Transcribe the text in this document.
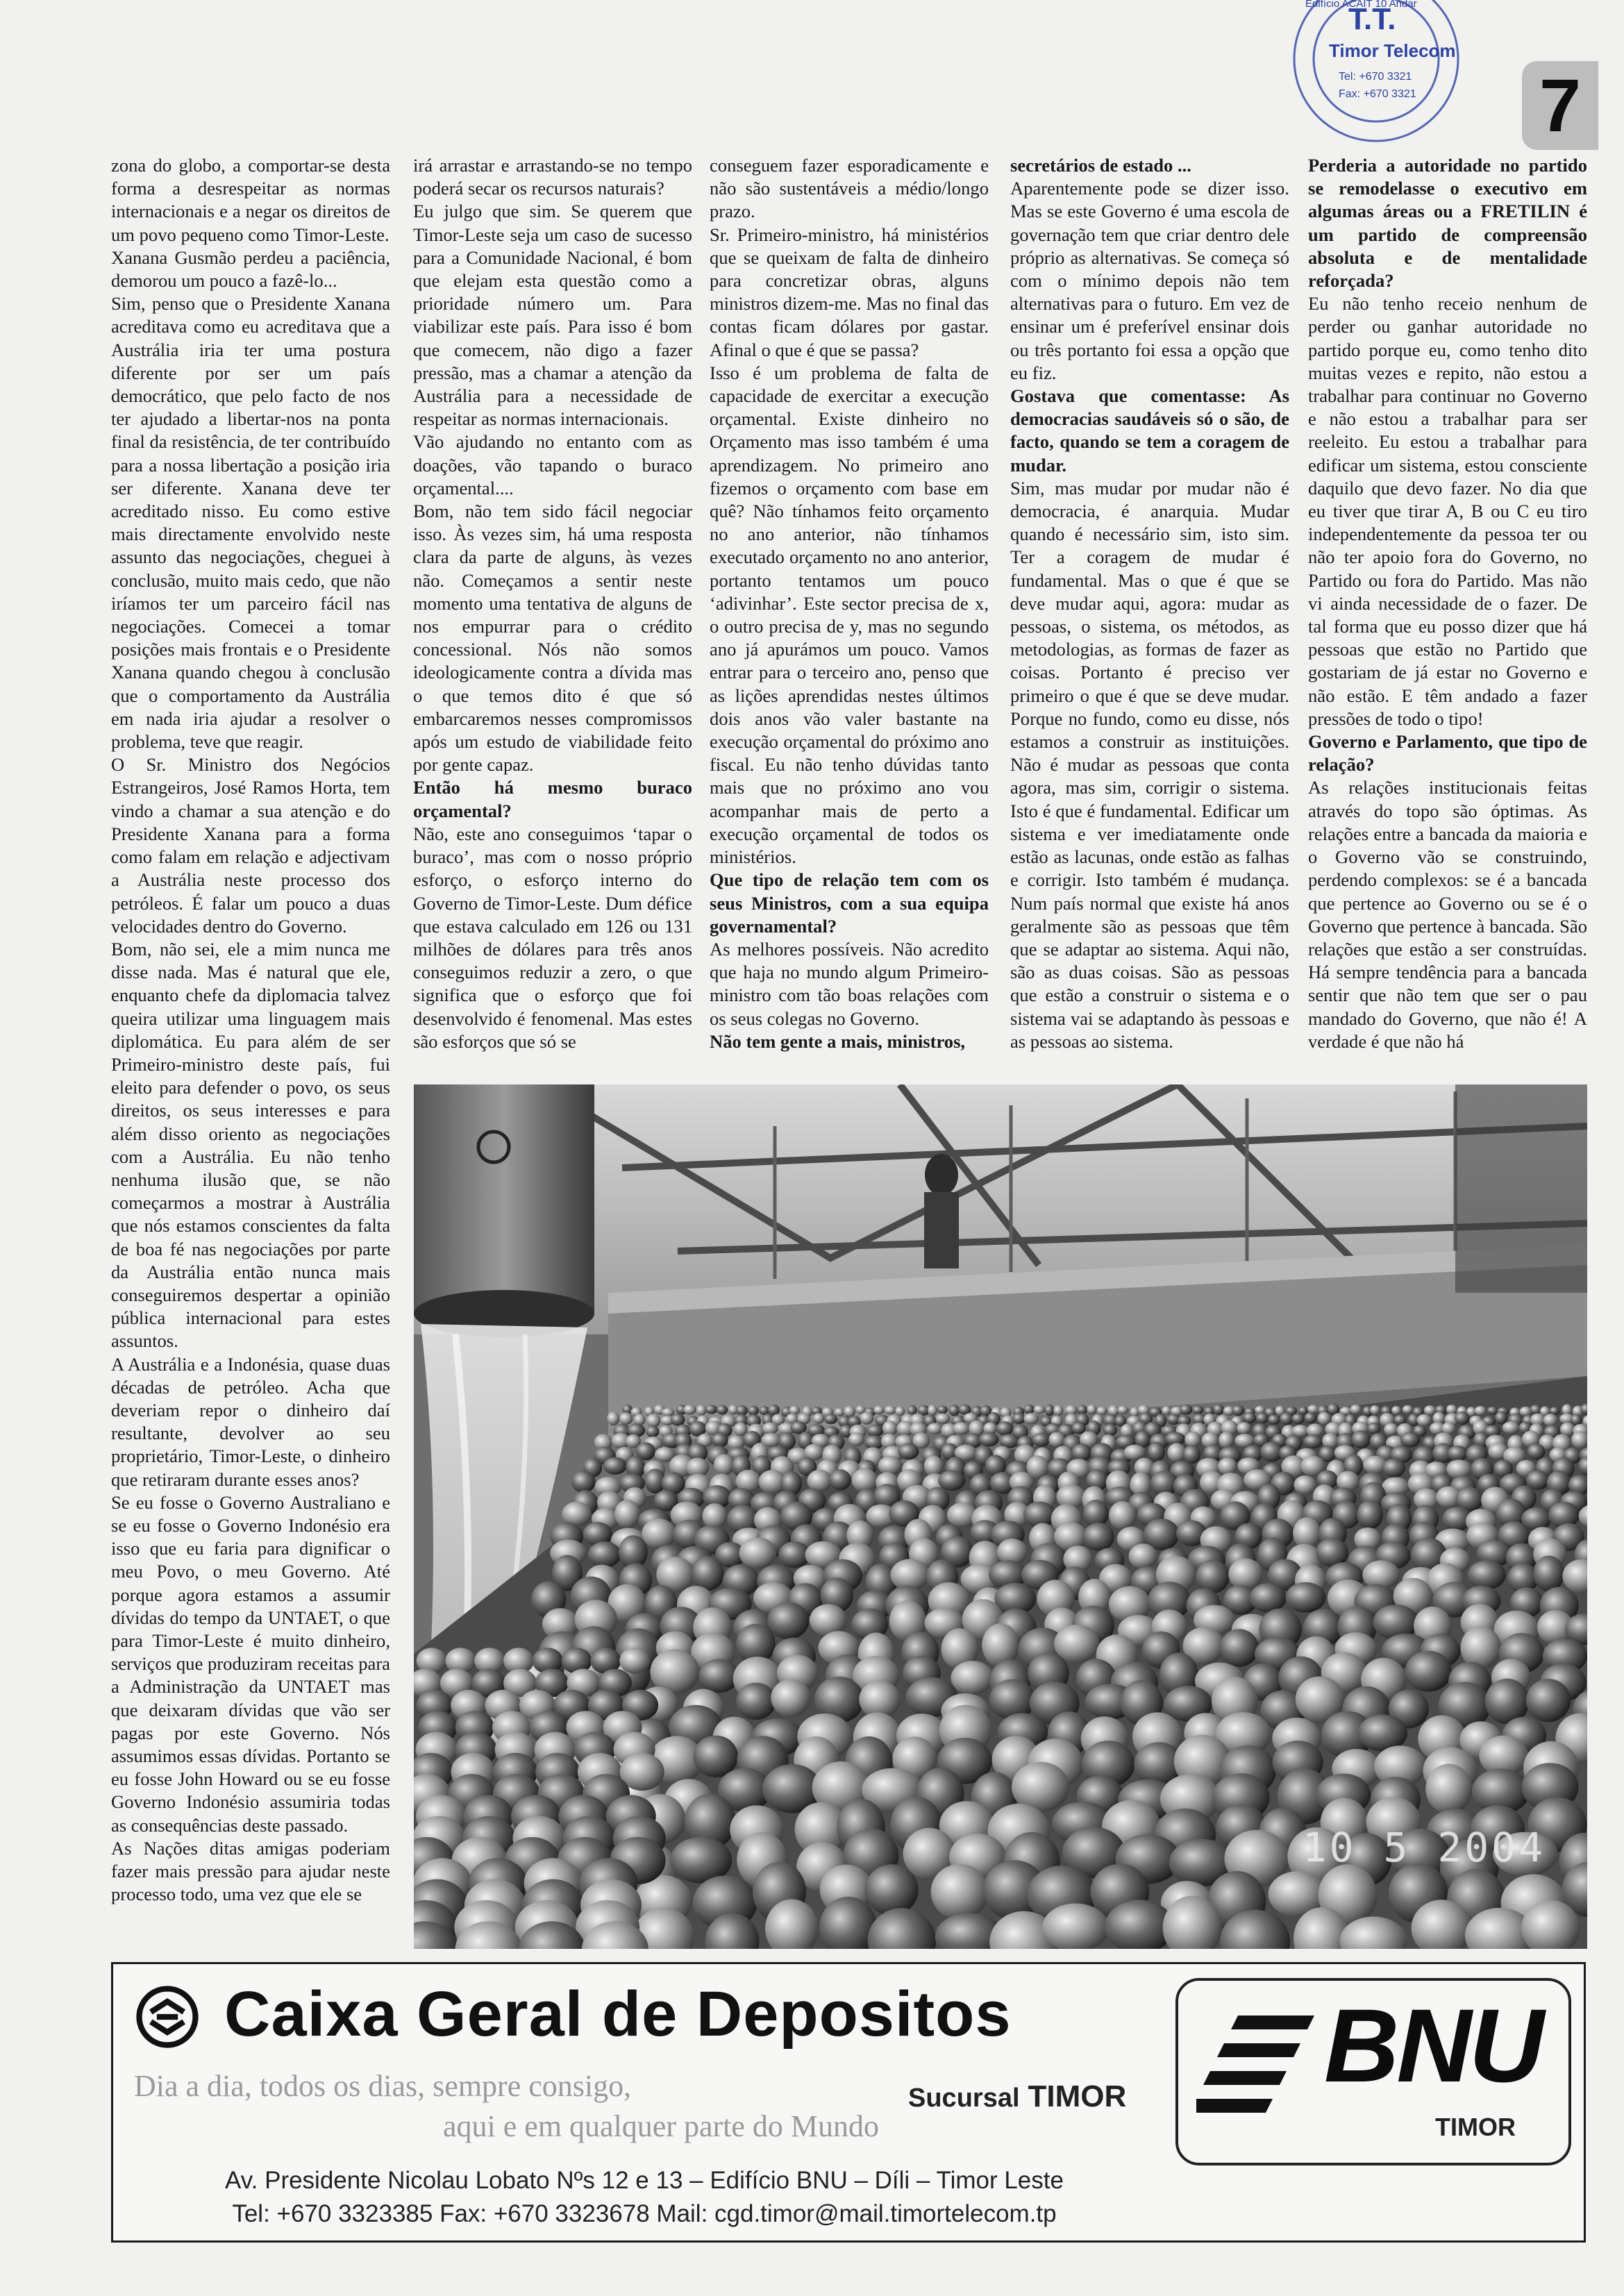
T.T.
Timor Telecom
Tel: +670 3321
Fax: +670 3321
Edifício ACAIT 10 Andar
7

zona do globo, a comportar-se desta forma a desrespeitar as normas internacionais e a negar os direitos de um povo pequeno como Timor-Leste.

Xanana Gusmão perdeu a paciência, demorou um pouco a fazê-lo...

Sim, penso que o Presidente Xanana acreditava como eu acreditava que a Austrália iria ter uma postura diferente por ser um país democrático, que pelo facto de nos ter ajudado a libertar-nos na ponta final da resistência, de ter contribuído para a nossa libertação a posição iria ser diferente. Xanana deve ter acreditado nisso. Eu como estive mais directamente envolvido neste assunto das negociações, cheguei à conclusão, muito mais cedo, que não iríamos ter um parceiro fácil nas negociações. Comecei a tomar posições mais frontais e o Presidente Xanana quando chegou à conclusão que o comportamento da Austrália em nada iria ajudar a resolver o problema, teve que reagir.

O Sr. Ministro dos Negócios Estrangeiros, José Ramos Horta, tem vindo a chamar a sua atenção e do Presidente Xanana para a forma como falam em relação e adjectivam a Austrália neste processo dos petróleos. É falar um pouco a duas velocidades dentro do Governo.

Bom, não sei, ele a mim nunca me disse nada. Mas é natural que ele, enquanto chefe da diplomacia talvez queira utilizar uma linguagem mais diplomática. Eu para além de ser Primeiro-ministro deste país, fui eleito para defender o povo, os seus direitos, os seus interesses e para além disso oriento as negociações com a Austrália. Eu não tenho nenhuma ilusão que, se não começarmos a mostrar à Austrália que nós estamos conscientes da falta de boa fé nas negociações por parte da Austrália então nunca mais conseguiremos despertar a opinião pública internacional para estes assuntos.

A Austrália e a Indonésia, quase duas décadas de petróleo. Acha que deveriam repor o dinheiro daí resultante, devolver ao seu proprietário, Timor-Leste, o dinheiro que retiraram durante esses anos?

Se eu fosse o Governo Australiano e se eu fosse o Governo Indonésio era isso que eu faria para dignificar o meu Povo, o meu Governo. Até porque agora estamos a assumir dívidas do tempo da UNTAET, o que para Timor-Leste é muito dinheiro, serviços que produziram receitas para a Administração da UNTAET mas que deixaram dívidas que vão ser pagas por este Governo. Nós assumimos essas dívidas. Portanto se eu fosse John Howard ou se eu fosse Governo Indonésio assumiria todas as consequências deste passado.

As Nações ditas amigas poderiam fazer mais pressão para ajudar neste processo todo, uma vez que ele se

irá arrastar e arrastando-se no tempo poderá secar os recursos naturais?

Eu julgo que sim. Se querem que Timor-Leste seja um caso de sucesso para a Comunidade Nacional, é bom que elejam esta questão como a prioridade número um. Para viabilizar este país. Para isso é bom que comecem, não digo a fazer pressão, mas a chamar a atenção da Austrália para a necessidade de respeitar as normas internacionais.

Vão ajudando no entanto com as doações, vão tapando o buraco orçamental....

Bom, não tem sido fácil negociar isso. Às vezes sim, há uma resposta clara da parte de alguns, às vezes não. Começamos a sentir neste momento uma tentativa de alguns de nos empurrar para o crédito concessional. Nós não somos ideologicamente contra a dívida mas o que temos dito é que só embarcaremos nesses compromissos após um estudo de viabilidade feito por gente capaz.

Então há mesmo buraco orçamental?

Não, este ano conseguimos ‘tapar o buraco’, mas com o nosso próprio esforço, o esforço interno do Governo de Timor-Leste. Dum défice que estava calculado em 126 ou 131 milhões de dólares para três anos conseguimos reduzir a zero, o que significa que o esforço que foi desenvolvido é fenomenal. Mas estes são esforços que só se

conseguem fazer esporadicamente e não são sustentáveis a médio/longo prazo.

Sr. Primeiro-ministro, há ministérios que se queixam de falta de dinheiro para concretizar obras, alguns ministros dizem-me. Mas no final das contas ficam dólares por gastar. Afinal o que é que se passa?

Isso é um problema de falta de capacidade de exercitar a execução orçamental. Existe dinheiro no Orçamento mas isso também é uma aprendizagem. No primeiro ano fizemos o orçamento com base em quê? Não tínhamos feito orçamento no ano anterior, não tínhamos executado orçamento no ano anterior, portanto tentamos um pouco ‘adivinhar’. Este sector precisa de x, o outro precisa de y, mas no segundo ano já apurámos um pouco. Vamos entrar para o terceiro ano, penso que as lições aprendidas nestes últimos dois anos vão valer bastante na execução orçamental do próximo ano fiscal. Eu não tenho dúvidas tanto mais que no próximo ano vou acompanhar mais de perto a execução orçamental de todos os ministérios.

Que tipo de relação tem com os seus Ministros, com a sua equipa governamental?

As melhores possíveis. Não acredito que haja no mundo algum Primeiro-ministro com tão boas relações com os seus colegas no Governo.

Não tem gente a mais, ministros,

secretários de estado ...

Aparentemente pode se dizer isso. Mas se este Governo é uma escola de governação tem que criar dentro dele próprio as alternativas. Se começa só com o mínimo depois não tem alternativas para o futuro. Em vez de ensinar um é preferível ensinar dois ou três portanto foi essa a opção que eu fiz.

Gostava que comentasse: As democracias saudáveis só o são, de facto, quando se tem a coragem de mudar.

Sim, mas mudar por mudar não é democracia, é anarquia. Mudar quando é necessário sim, isto sim. Ter a coragem de mudar é fundamental. Mas o que é que se deve mudar aqui, agora: mudar as pessoas, o sistema, os métodos, as metodologias, as formas de fazer as coisas. Portanto é preciso ver primeiro o que é que se deve mudar. Porque no fundo, como eu disse, nós estamos a construir as instituições. Não é mudar as pessoas que conta agora, mas sim, corrigir o sistema. Isto é que é fundamental. Edificar um sistema e ver imediatamente onde estão as lacunas, onde estão as falhas e corrigir. Isto também é mudança. Num país normal que existe há anos geralmente são as pessoas que têm que se adaptar ao sistema. Aqui não, são as duas coisas. São as pessoas que estão a construir o sistema e o sistema vai se adaptando às pessoas e as pessoas ao sistema.

Perderia a autoridade no partido se remodelasse o executivo em algumas áreas ou a FRETILIN é um partido de compreensão absoluta e de mentalidade reforçada?

Eu não tenho receio nenhum de perder ou ganhar autoridade no partido porque eu, como tenho dito muitas vezes e repito, não estou a trabalhar para continuar no Governo e não estou a trabalhar para ser reeleito. Eu estou a trabalhar para edificar um sistema, estou consciente daquilo que devo fazer. No dia que eu tiver que tirar A, B ou C eu tiro independentemente da pessoa ter ou não ter apoio fora do Governo, no Partido ou fora do Partido. Mas não vi ainda necessidade de o fazer. De tal forma que eu posso dizer que há pessoas que estão no Partido que gostariam de já estar no Governo e não estão. E têm andado a fazer pressões de todo o tipo!

Governo e Parlamento, que tipo de relação?

As relações institucionais feitas através do topo são óptimas. As relações entre a bancada da maioria e o Governo vão se construindo, perdendo complexos: se é a bancada que pertence ao Governo ou se é o Governo que pertence à bancada. São relações que estão a ser construídas. Há sempre tendência para a bancada sentir que não tem que ser o pau mandado do Governo, que não é! A verdade é que não há

10 5 2004
Caixa Geral de Depositos
Dia a dia, todos os dias, sempre consigo,
aqui e em qualquer parte do Mundo
Sucursal TIMOR BNU
TIMOR
Av. Presidente Nicolau Lobato Nºs 12 e 13 – Edifício BNU – Díli – Timor Leste
Tel: +670 3323385 Fax: +670 3323678 Mail: cgd.timor@mail.timortelecom.tp
